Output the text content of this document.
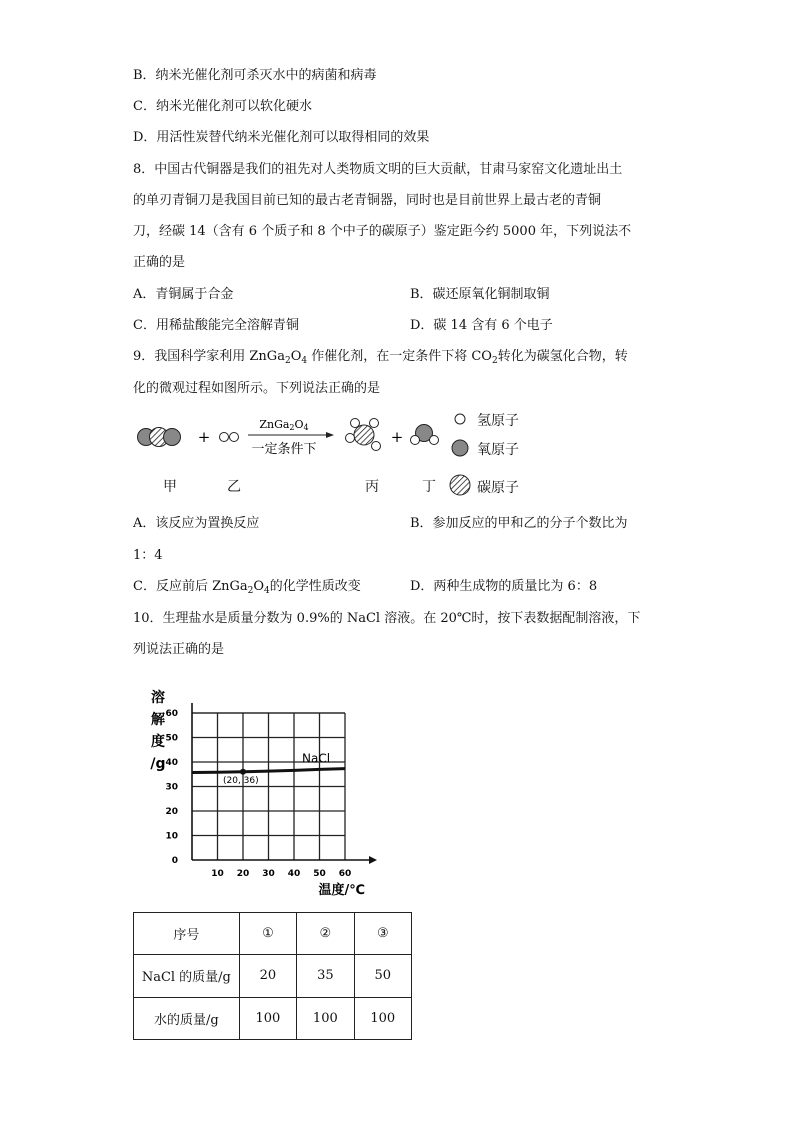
B．纳米光催化剂可杀灭水中的病菌和病毒
C．纳米光催化剂可以软化硬水
D．用活性炭替代纳米光催化剂可以取得相同的效果
8．中国古代铜器是我们的祖先对人类物质文明的巨大贡献，甘肃马家窑文化遗址出土
的单刃青铜刀是我国目前已知的最古老青铜器，同时也是目前世界上最古老的青铜
刀，经碳 14（含有 6 个质子和 8 个中子的碳原子）鉴定距今约 5000 年，下列说法不
正确的是
A．青铜属于合金	B．碳还原氧化铜制取铜
C．用稀盐酸能完全溶解青铜	D．碳 14 含有 6 个电子
9．我国科学家利用 $ZnGa_2O_4$ 作催化剂，在一定条件下将 $CO_2$转化为碳氢化合物，转
化的微观过程如图所示。下列说法正确的是
+
ZnGa2O4
一定条件下
+
甲	乙	丙	丁
氢原子
氧原子
碳原子
A．该反应为置换反应	B．参加反应的甲和乙的分子个数比为
1：4
C．反应前后 $ZnGa_2O_4$的化学性质改变	D．两种生成物的质量比为 6：8
10．生理盐水是质量分数为 0.9%的 NaCl 溶液。在 20℃时，按下表数据配制溶液，下
列说法正确的是
溶
解
度
/g
10 20 30 40 50 60
0
10
20
30
40
50
60
NaCl
(20, 36)
温度/℃
序号	①	②	③
NaCl 的质量/g	20	35	50
水的质量/g	100	100	100
